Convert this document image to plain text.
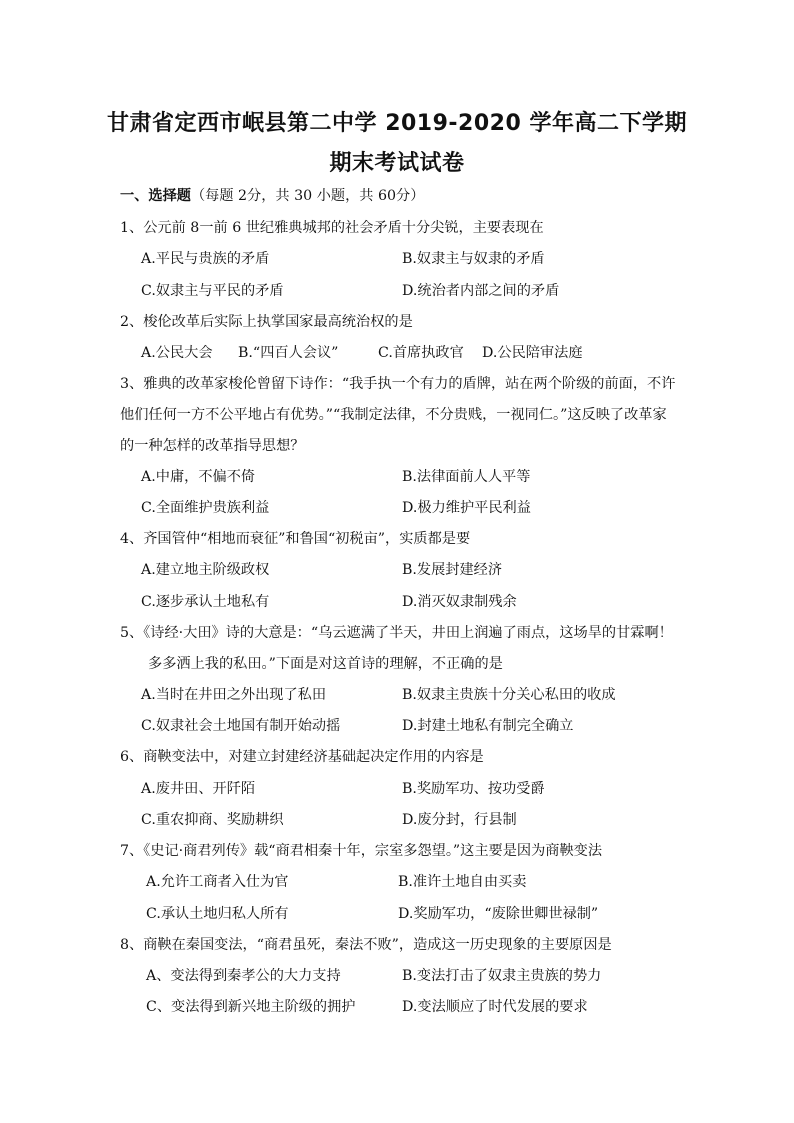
甘肃省定西市岷县第二中学 2019-2020 学年高二下学期
期末考试试卷
一、选择题（每题 2分，共 30 小题，共 60分）
1、公元前 8一前 6 世纪雅典城邦的社会矛盾十分尖锐，主要表现在
A.平民与贵族的矛盾	B.奴隶主与奴隶的矛盾
C.奴隶主与平民的矛盾	D.统治者内部之间的矛盾
2、梭伦改革后实际上执掌国家最高统治权的是
A.公民大会 B.“四百人会议”	C.首席执政官 D.公民陪审法庭
3、雅典的改革家梭伦曾留下诗作：“我手执一个有力的盾牌，站在两个阶级的前面，不许
他们任何一方不公平地占有优势。”“我制定法律，不分贵贱，一视同仁。”这反映了改革家
的一种怎样的改革指导思想？
A.中庸，不偏不倚	B.法律面前人人平等
C.全面维护贵族利益	D.极力维护平民利益
4、齐国管仲“相地而衰征”和鲁国“初税亩”，实质都是要
A.建立地主阶级政权	B.发展封建经济
C.逐步承认土地私有	D.消灭奴隶制残余
5、《诗经·大田》诗的大意是：“乌云遮满了半天，井田上润遍了雨点，这场旱的甘霖啊！
多多洒上我的私田。”下面是对这首诗的理解，不正确的是
A.当时在井田之外出现了私田	B.奴隶主贵族十分关心私田的收成
C.奴隶社会土地国有制开始动摇	D.封建土地私有制完全确立
6、商鞅变法中，对建立封建经济基础起决定作用的内容是
A.废井田、开阡陌	B.奖励军功、按功受爵
C.重农抑商、奖励耕织	D.废分封，行县制
7、《史记·商君列传》载“商君相秦十年，宗室多怨望。”这主要是因为商鞅变法
A.允许工商者入仕为官	B.准许土地自由买卖
C.承认土地归私人所有	D.奖励军功，“废除世卿世禄制”
8、商鞅在秦国变法，“商君虽死，秦法不败”，造成这一历史现象的主要原因是
A、变法得到秦孝公的大力支持	B.变法打击了奴隶主贵族的势力
C、变法得到新兴地主阶级的拥护	D.变法顺应了时代发展的要求
